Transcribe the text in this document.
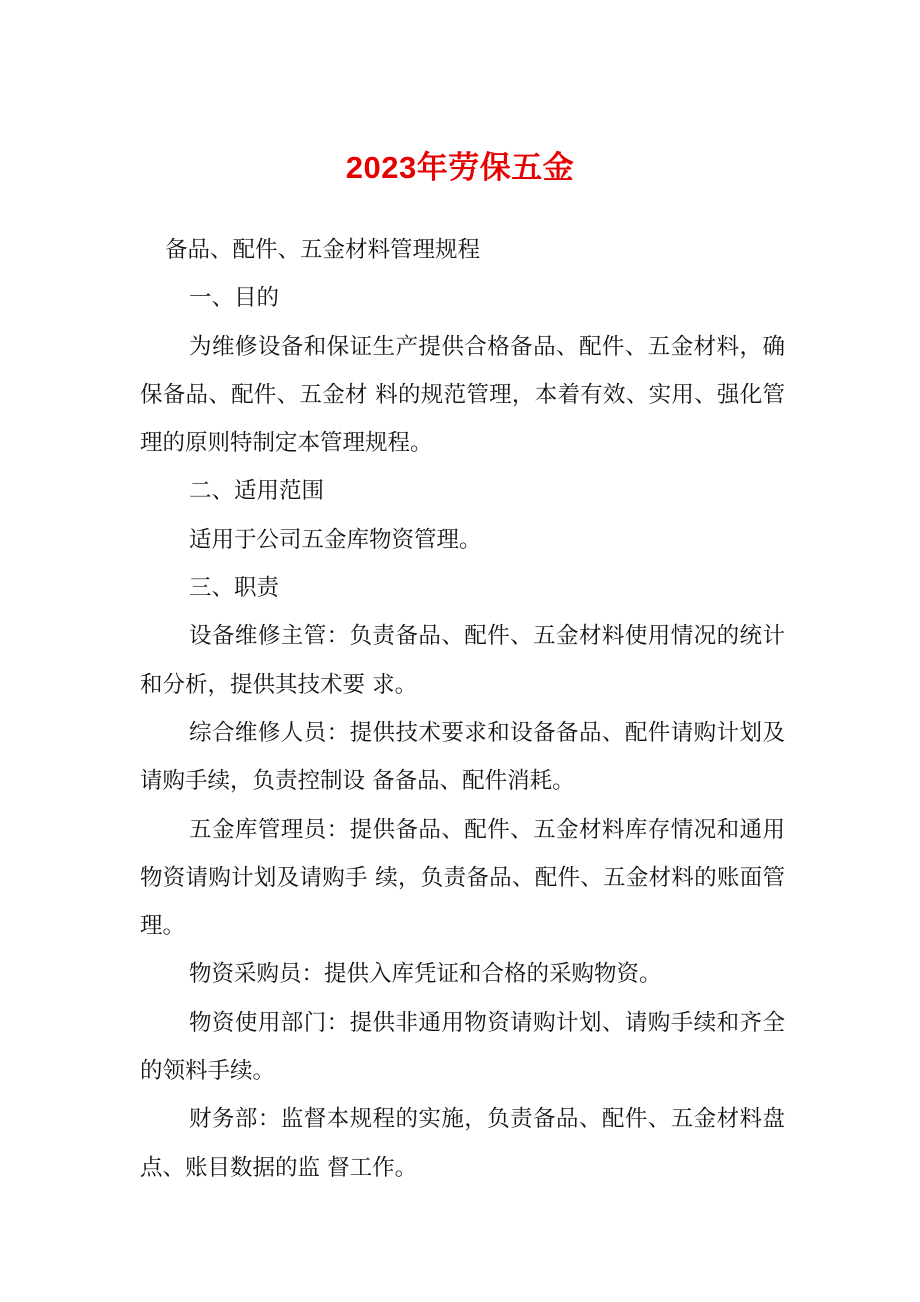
2023年劳保五金

备品、配件、五金材料管理规程

一、目的

为维修设备和保证生产提供合格备品、配件、五金材料，确保备品、配件、五金材 料的规范管理，本着有效、实用、强化管理的原则特制定本管理规程。

二、适用范围

适用于公司五金库物资管理。

三、职责

设备维修主管：负责备品、配件、五金材料使用情况的统计和分析，提供其技术要 求。

综合维修人员：提供技术要求和设备备品、配件请购计划及请购手续，负责控制设 备备品、配件消耗。

五金库管理员：提供备品、配件、五金材料库存情况和通用物资请购计划及请购手 续，负责备品、配件、五金材料的账面管理。

物资采购员：提供入库凭证和合格的采购物资。

物资使用部门：提供非通用物资请购计划、请购手续和齐全的领料手续。

财务部：监督本规程的实施，负责备品、配件、五金材料盘点、账目数据的监 督工作。
